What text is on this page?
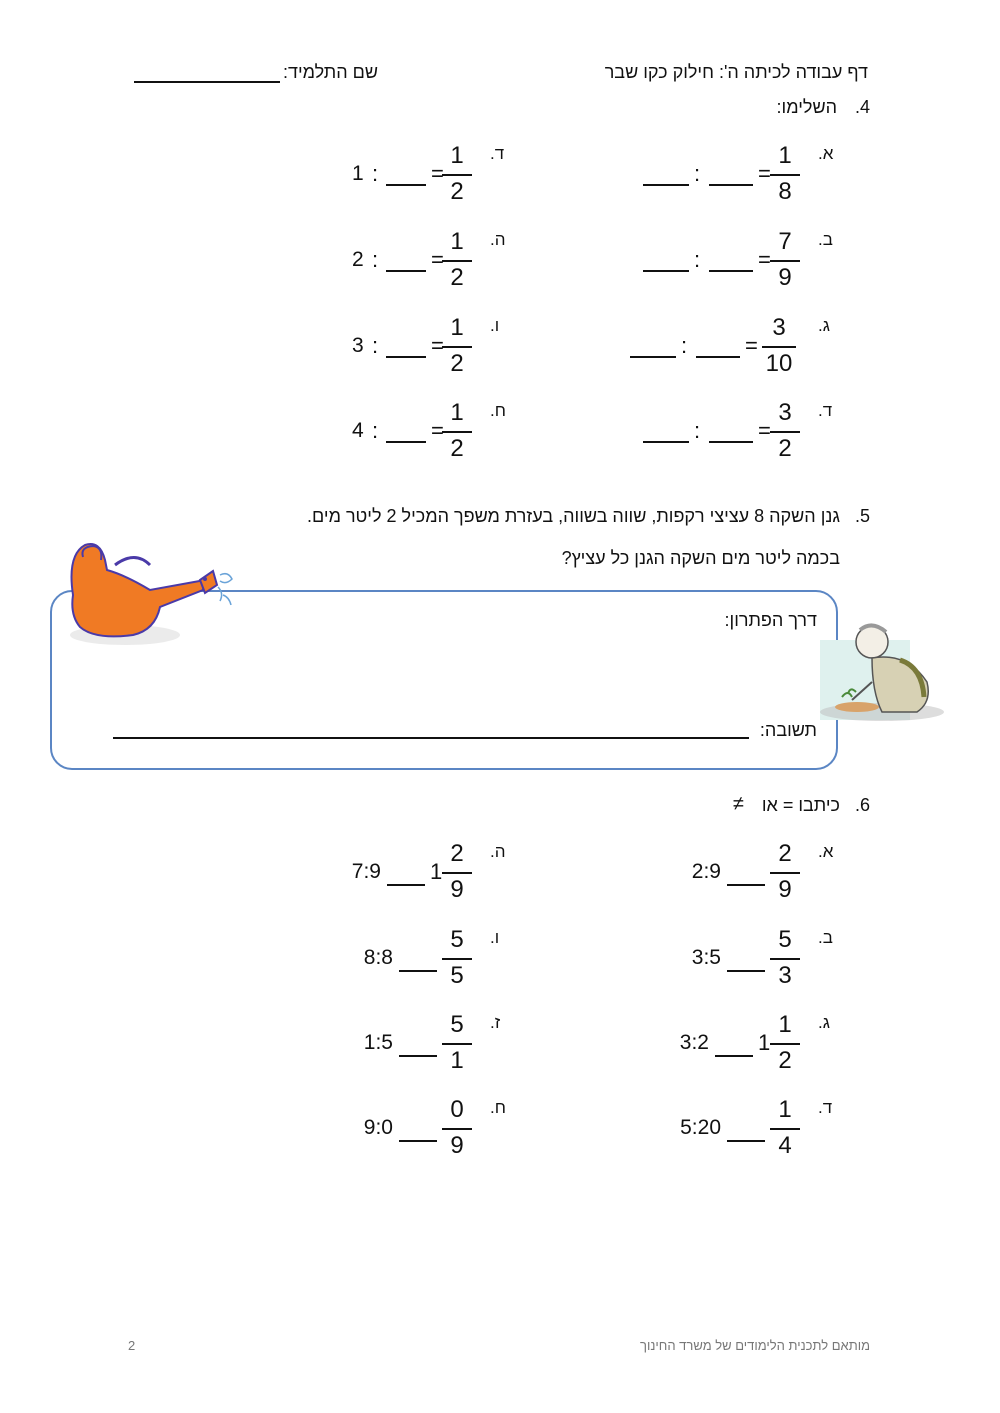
דף עבודה לכיתה ה': חילוק כקו שבר
שם התלמיד:
4.
השלימו:
א.
1
8
=
:
ב.
7
9
=
:
ג.
3
10
=
:
ד.
3
2
=
:
ד.
1
2
=
:
1
ה.
1
2
=
:
2
ו.
1
2
=
:
3
ח.
1
2
=
:
4
5.
גנן השקה 8 עציצי רקפות, שווה בשווה, בעזרת משפך המכיל 2 ליטר מים.
בכמה ליטר מים השקה הגנן כל עציץ?
דרך הפתרון:
תשובה:
6.
כיתבו = או
≠
א.
2
9
2:9
ב.
5
3
3:5
ג.
1
2
1
3:2
ד.
1
4
5:20
ה.
2
9
1
7:9
ו.
5
5
8:8
ז.
5
1
1:5
ח.
0
9
9:0
מותאם לתכנית הלימודים של משרד החינוך
2
